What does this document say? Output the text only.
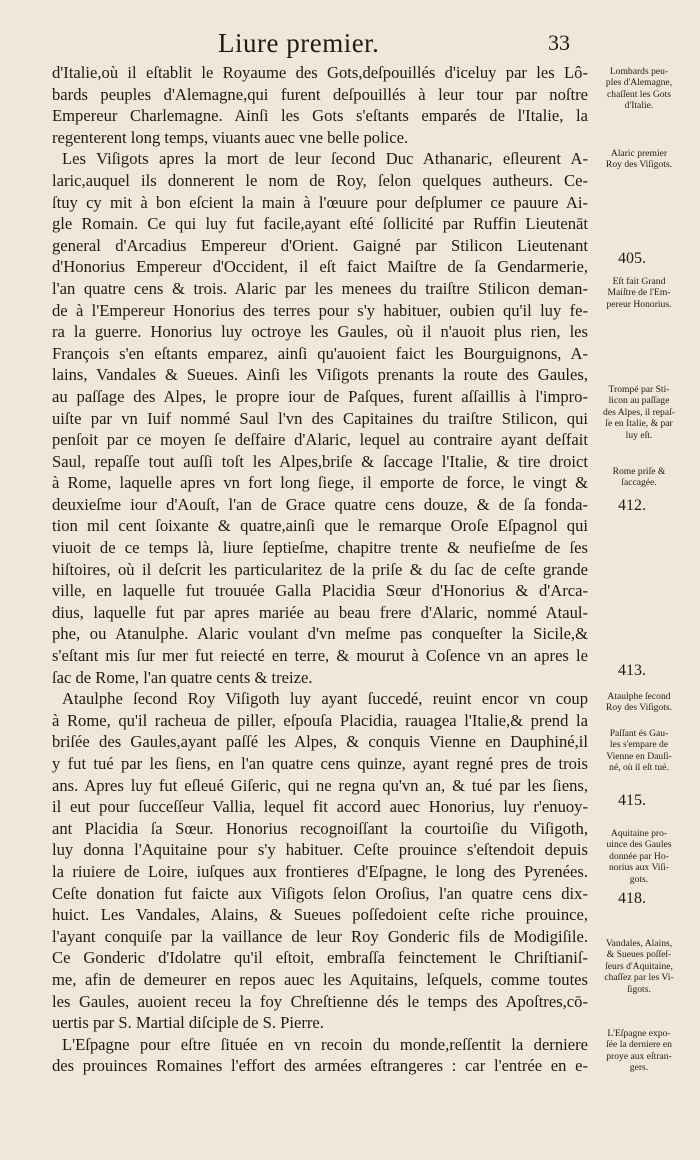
Liure premier.	33
d'Italie,où il eſtablit le Royaume des Gots,deſpouillés d'iceluy par les Lô-
bards peuples d'Alemagne,qui furent deſpouillés à leur tour par noſtre
Empereur Charlemagne. Ainſi les Gots s'eſtants emparés de l'Italie, la
regenterent long temps, viuants auec vne belle police.
Les Viſigots apres la mort de leur ſecond Duc Athanaric, eſleurent A-
laric,auquel ils donnerent le nom de Roy, ſelon quelques autheurs. Ce-
ſtuy cy mit à bon eſcient la main à l'œuure pour deſplumer ce pauure Ai-
gle Romain. Ce qui luy fut facile,ayant eſté ſollicité par Ruffin Lieutenāt
general d'Arcadius Empereur d'Orient. Gaigné par Stilicon Lieutenant
d'Honorius Empereur d'Occident, il eſt faict Maiſtre de ſa Gendarmerie,
l'an quatre cens & trois. Alaric par les menees du traiſtre Stilicon deman-
de à l'Empereur Honorius des terres pour s'y habituer, oubien qu'il luy fe-
ra la guerre. Honorius luy octroye les Gaules, où il n'auoit plus rien, les
François s'en eſtants emparez, ainſi qu'auoient faict les Bourguignons, A-
lains, Vandales & Sueues. Ainſi les Viſigots prenants la route des Gaules,
au paſſage des Alpes, le propre iour de Paſques, furent aſſaillis à l'impro-
uiſte par vn Iuif nommé Saul l'vn des Capitaines du traiſtre Stilicon, qui
penſoit par ce moyen ſe deſfaire d'Alaric, lequel au contraire ayant deſfait
Saul, repaſſe tout auſſi toſt les Alpes,briſe & ſaccage l'Italie, & tire droict
à Rome, laquelle apres vn fort long ſiege, il emporte de force, le vingt &
deuxieſme iour d'Aouſt, l'an de Grace quatre cens douze, & de ſa fonda-
tion mil cent ſoixante & quatre,ainſi que le remarque Oroſe Eſpagnol qui
viuoit de ce temps là, liure ſeptieſme, chapitre trente & neufieſme de ſes
hiſtoires, où il deſcrit les particularitez de la priſe & du ſac de ceſte grande
ville, en laquelle fut trouuée Galla Placidia Sœur d'Honorius & d'Arca-
dius, laquelle fut par apres mariée au beau frere d'Alaric, nommé Ataul-
phe, ou Atanulphe. Alaric voulant d'vn meſme pas conqueſter la Sicile,&
s'eſtant mis ſur mer fut reiecté en terre, & mourut à Coſence vn an apres le
ſac de Rome, l'an quatre cents & treize.
Ataulphe ſecond Roy Viſigoth luy ayant ſuccedé, reuint encor vn coup
à Rome, qu'il racheua de piller, eſpouſa Placidia, rauagea l'Italie,& prend la
briſée des Gaules,ayant paſſé les Alpes, & conquis Vienne en Dauphiné,il
y fut tué par les ſiens, en l'an quatre cens quinze, ayant regné pres de trois
ans. Apres luy fut eſleué Giſeric, qui ne regna qu'vn an, & tué par les ſiens,
il eut pour ſucceſſeur Vallia, lequel fit accord auec Honorius, luy r'enuoy-
ant Placidia ſa Sœur. Honorius recognoiſſant la courtoiſie du Viſigoth,
luy donna l'Aquitaine pour s'y habituer. Ceſte prouince s'eſtendoit depuis
la riuiere de Loire, iuſques aux frontieres d'Eſpagne, le long des Pyrenées.
Ceſte donation fut faicte aux Viſigots ſelon Oroſius, l'an quatre cens dix-
huict. Les Vandales, Alains, & Sueues poſſedoient ceſte riche prouince,
l'ayant conquiſe par la vaillance de leur Roy Gonderic fils de Modigiſile.
Ce Gonderic d'Idolatre qu'il eſtoit, embraſſa feinctement le Chriſtianiſ-
me, afin de demeurer en repos auec les Aquitains, leſquels, comme toutes
les Gaules, auoient receu la foy Chreſtienne dés le temps des Apoſtres,cō-
uertis par S. Martial diſciple de S. Pierre.
L'Eſpagne pour eſtre ſituée en vn recoin du monde,reſſentit la derniere
des prouinces Romaines l'effort des armées eſtrangeres : car l'entrée en e-
Lombards peu-
ples d'Alemagne,
chaſſent les Gots
d'Italie.
Alaric premier
Roy des Viſigots.
405.
Eſt fait Grand
Maiſtre de l'Em-
pereur Honorius.
Trompé par Sti-
licon au paſſage
des Alpes, il repaſ-
ſe en Italie, & par
luy eſt.
Rome priſe &
ſaccagée.
412.
413.
Ataulphe ſecond
Roy des Viſigots.
Paſſant és Gau-
les s'empare de
Vienne en Dauſi-
né, où il eſt tué.
415.
Aquitaine pro-
uince des Gaules
donnée par Ho-
norius aux Viſi-
gots.
418.
Vandales, Alains,
& Sueues poſſeſ-
ſeurs d'Aquitaine,
chaſſez par les Vi-
ſigots.
L'Eſpagne expo-
ſée la derniere en
proye aux eſtran-
gers.
